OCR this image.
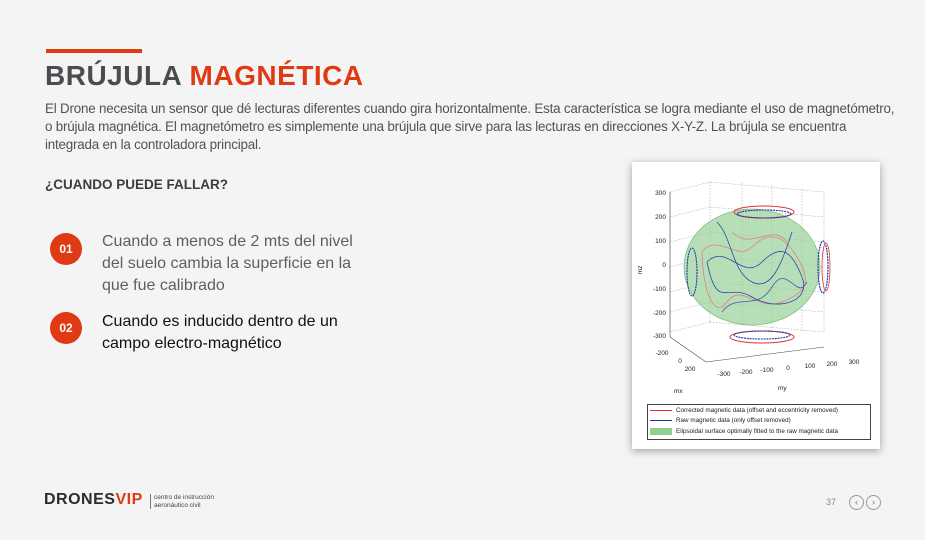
BRÚJULA MAGNÉTICA

El Drone necesita un sensor que dé lecturas diferentes cuando gira horizontalmente. Esta característica se logra mediante el uso de magnetómetro, o brújula magnética. El magnetómetro es simplemente una brújula que sirve para las lecturas en direcciones X-Y-Z. La brújula se encuentra integrada en la controladora principal.

¿CUANDO PUEDE FALLAR?

01	Cuando a menos de 2 mts del nivel del suelo cambia la superficie en la que fue calibrado

02	Cuando es inducido dentro de un campo electro-magnético

300
200
100
0
-100
-200
-300
-200
0
200
-300 -200 -100 0 100 200 300
mz
mx	my
Corrected magnetic data (offset and eccentricity removed)
Raw magnetic data (only offset removed)
Elipsoidal surface optimally fitted to the raw magnetic data
DRONESVIP	centro de instrucción aeronáutico civil	37	‹	›
